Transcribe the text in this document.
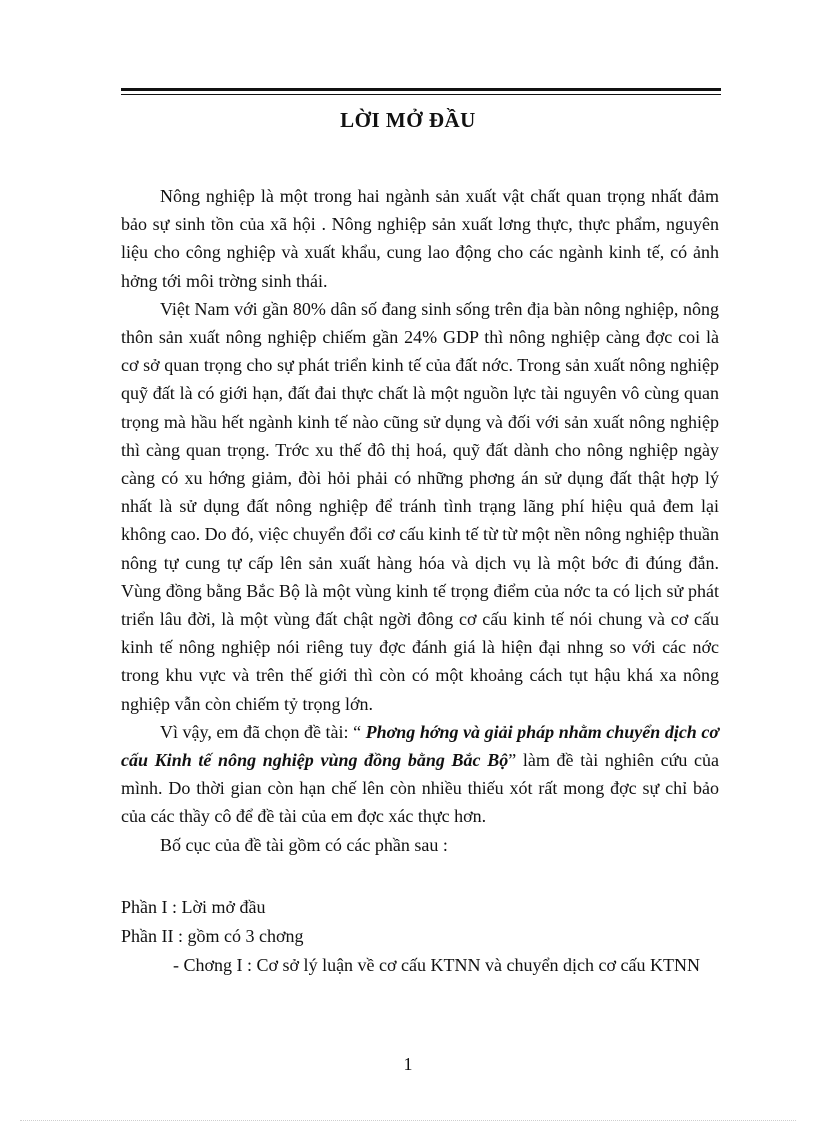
LỜI MỞ ĐẦU

Nông nghiệp là một trong hai ngành sản xuất vật chất quan trọng nhất đảm bảo sự sinh tồn của xã hội . Nông nghiệp sản xuất lơng thực, thực phẩm, nguyên liệu cho công nghiệp và xuất khẩu, cung lao động cho các ngành kinh tế, có ảnh hởng tới môi trờng sinh thái.

Việt Nam với gần 80% dân số đang sinh sống trên địa bàn nông nghiệp, nông thôn sản xuất nông nghiệp chiếm gần 24% GDP thì nông nghiệp càng đợc coi là cơ sở quan trọng cho sự phát triển kinh tế của đất nớc. Trong sản xuất nông nghiệp quỹ đất là có giới hạn, đất đai thực chất là một nguồn lực tài nguyên vô cùng quan trọng mà hầu hết ngành kinh tế nào cũng sử dụng và đối với sản xuất nông nghiệp thì càng quan trọng. Trớc xu thế đô thị hoá, quỹ đất dành cho nông nghiệp ngày càng có xu hớng giảm, đòi hỏi phải có những phơng án sử dụng đất thật hợp lý nhất là sử dụng đất nông nghiệp để tránh tình trạng lãng phí hiệu quả đem lại không cao. Do đó, việc chuyển đổi cơ cấu kinh tế từ từ một nền nông nghiệp thuần nông tự cung tự cấp lên sản xuất hàng hóa và dịch vụ là một bớc đi đúng đắn. Vùng đồng bằng Bắc Bộ là một vùng kinh tế trọng điểm của nớc ta có lịch sử phát triển lâu đời, là một vùng đất chật ngời đông cơ cấu kinh tế nói chung và cơ cấu kinh tế nông nghiệp nói riêng tuy đợc đánh giá là hiện đại nhng so với các nớc trong khu vực và trên thế giới thì còn có một khoảng cách tụt hậu khá xa nông nghiệp vẫn còn chiếm tỷ trọng lớn.

Vì vậy, em đã chọn đề tài: “ Phơng hớng và giải pháp nhằm chuyển dịch cơ cấu Kinh tế nông nghiệp vùng đồng bằng Bắc Bộ” làm đề tài nghiên cứu của mình. Do thời gian còn hạn chế lên còn nhiều thiếu xót rất mong đợc sự chỉ bảo của các thầy cô để đề tài của em đợc xác thực hơn.

Bố cục của đề tài gồm có các phần sau :

Phần I : Lời mở đầu
Phần II : gồm có 3 chơng
- Chơng I : Cơ sở lý luận về cơ cấu KTNN và chuyển dịch cơ cấu KTNN
1
